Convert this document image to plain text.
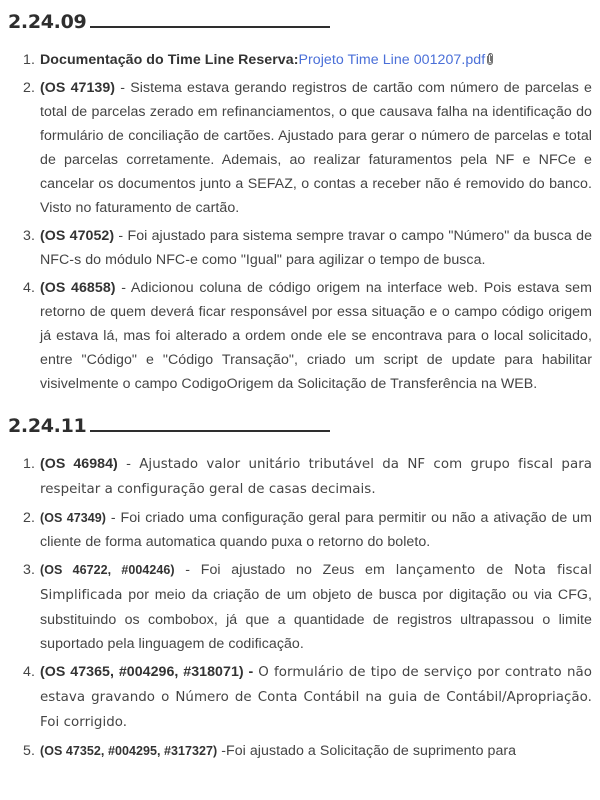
2.24.09
1. Documentação do Time Line Reserva:Projeto Time Line 001207.pdf
2. (OS 47139) - Sistema estava gerando registros de cartão com número de parcelas e total de parcelas zerado em refinanciamentos, o que causava falha na identificação do formulário de conciliação de cartões. Ajustado para gerar o número de parcelas e total de parcelas corretamente. Ademais, ao realizar faturamentos pela NF e NFCe e cancelar os documentos junto a SEFAZ, o contas a receber não é removido do banco. Visto no faturamento de cartão.
3. (OS 47052) - Foi ajustado para sistema sempre travar o campo "Número" da busca de NFC-s do módulo NFC-e como "Igual" para agilizar o tempo de busca.
4. (OS 46858) - Adicionou coluna de código origem na interface web. Pois estava sem retorno de quem deverá ficar responsável por essa situação e o campo código origem já estava lá, mas foi alterado a ordem onde ele se encontrava para o local solicitado, entre "Código" e "Código Transação", criado um script de update para habilitar visivelmente o campo CodigoOrigem da Solicitação de Transferência na WEB.
2.24.11
1. (OS 46984) - Ajustado valor unitário tributável da NF com grupo fiscal para respeitar a configuração geral de casas decimais.
2. (OS 47349) - Foi criado uma configuração geral para permitir ou não a ativação de um cliente de forma automatica quando puxa o retorno do boleto.
3. (OS 46722, #004246) - Foi ajustado no Zeus em lançamento de Nota fiscal Simplificada por meio da criação de um objeto de busca por digitação ou via CFG, substituindo os combobox, já que a quantidade de registros ultrapassou o limite suportado pela linguagem de codificação.
4. (OS 47365, #004296, #318071) - O formulário de tipo de serviço por contrato não estava gravando o Número de Conta Contábil na guia de Contábil/Apropriação. Foi corrigido.
5. (OS 47352, #004295, #317327) -Foi ajustado a Solicitação de suprimento para
